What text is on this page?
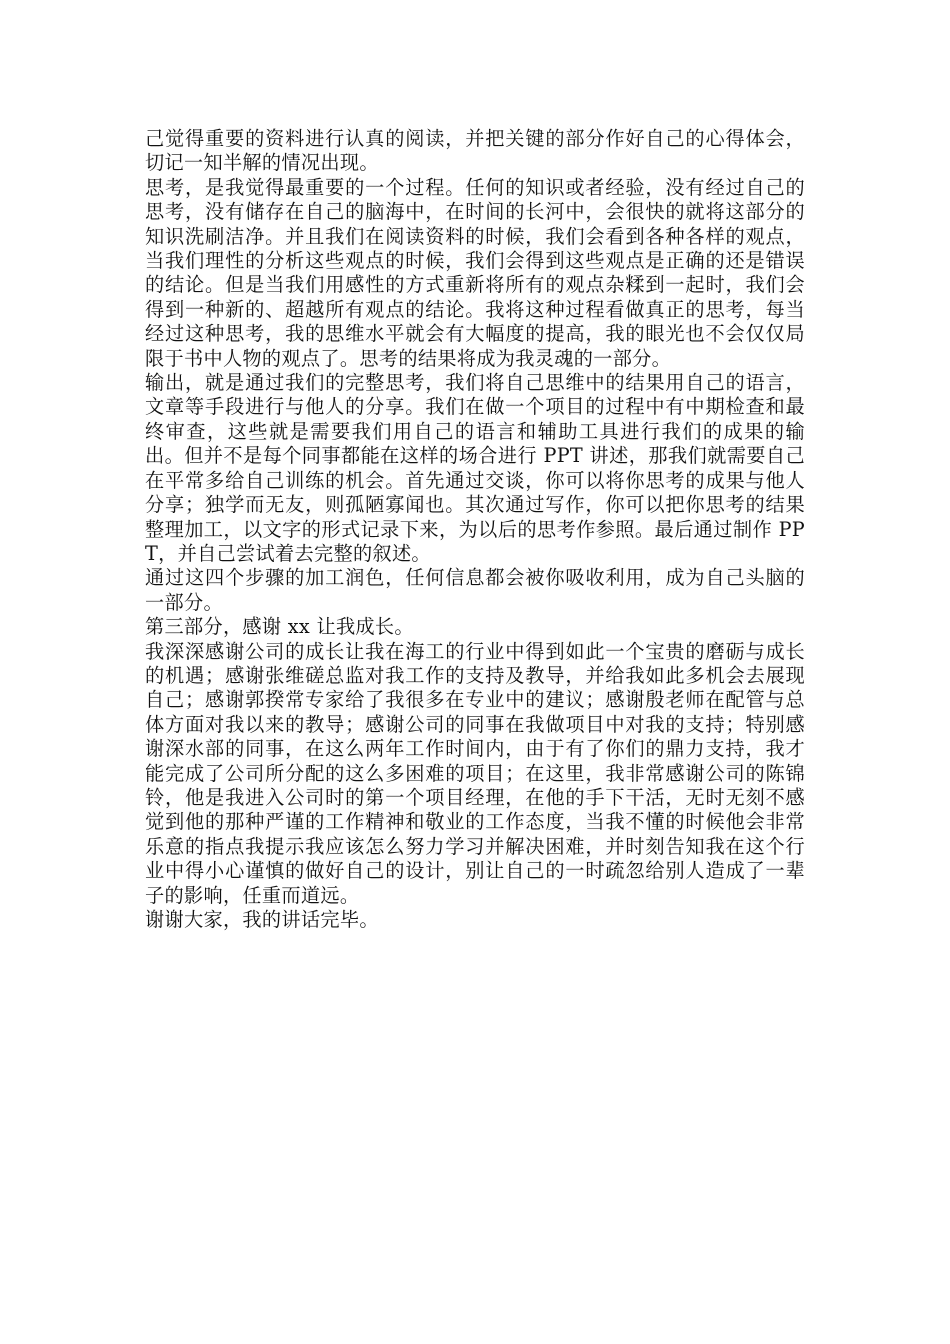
己觉得重要的资料进行认真的阅读，并把关键的部分作好自己的心得体会，切记一知半解的情况出现。

思考，是我觉得最重要的一个过程。任何的知识或者经验，没有经过自己的思考，没有储存在自己的脑海中，在时间的长河中，会很快的就将这部分的知识洗刷洁净。并且我们在阅读资料的时候，我们会看到各种各样的观点，当我们理性的分析这些观点的时候，我们会得到这些观点是正确的还是错误的结论。但是当我们用感性的方式重新将所有的观点杂糅到一起时，我们会得到一种新的、超越所有观点的结论。我将这种过程看做真正的思考，每当经过这种思考，我的思维水平就会有大幅度的提高，我的眼光也不会仅仅局限于书中人物的观点了。思考的结果将成为我灵魂的一部分。

输出，就是通过我们的完整思考，我们将自己思维中的结果用自己的语言，文章等手段进行与他人的分享。我们在做一个项目的过程中有中期检查和最终审查，这些就是需要我们用自己的语言和辅助工具进行我们的成果的输出。但并不是每个同事都能在这样的场合进行 PPT 讲述，那我们就需要自己在平常多给自己训练的机会。首先通过交谈，你可以将你思考的成果与他人分享；独学而无友，则孤陋寡闻也。其次通过写作，你可以把你思考的结果整理加工，以文字的形式记录下来，为以后的思考作参照。最后通过制作 PPT，并自己尝试着去完整的叙述。

通过这四个步骤的加工润色，任何信息都会被你吸收利用，成为自己头脑的一部分。

第三部分，感谢 xx 让我成长。

我深深感谢公司的成长让我在海工的行业中得到如此一个宝贵的磨砺与成长的机遇；感谢张维磋总监对我工作的支持及教导，并给我如此多机会去展现自己；感谢郭揆常专家给了我很多在专业中的建议；感谢殷老师在配管与总体方面对我以来的教导；感谢公司的同事在我做项目中对我的支持；特别感谢深水部的同事，在这么两年工作时间内，由于有了你们的鼎力支持，我才能完成了公司所分配的这么多困难的项目；在这里，我非常感谢公司的陈锦铃，他是我进入公司时的第一个项目经理，在他的手下干活，无时无刻不感觉到他的那种严谨的工作精神和敬业的工作态度，当我不懂的时候他会非常乐意的指点我提示我应该怎么努力学习并解决困难，并时刻告知我在这个行业中得小心谨慎的做好自己的设计，别让自己的一时疏忽给别人造成了一辈子的影响，任重而道远。

谢谢大家，我的讲话完毕。
